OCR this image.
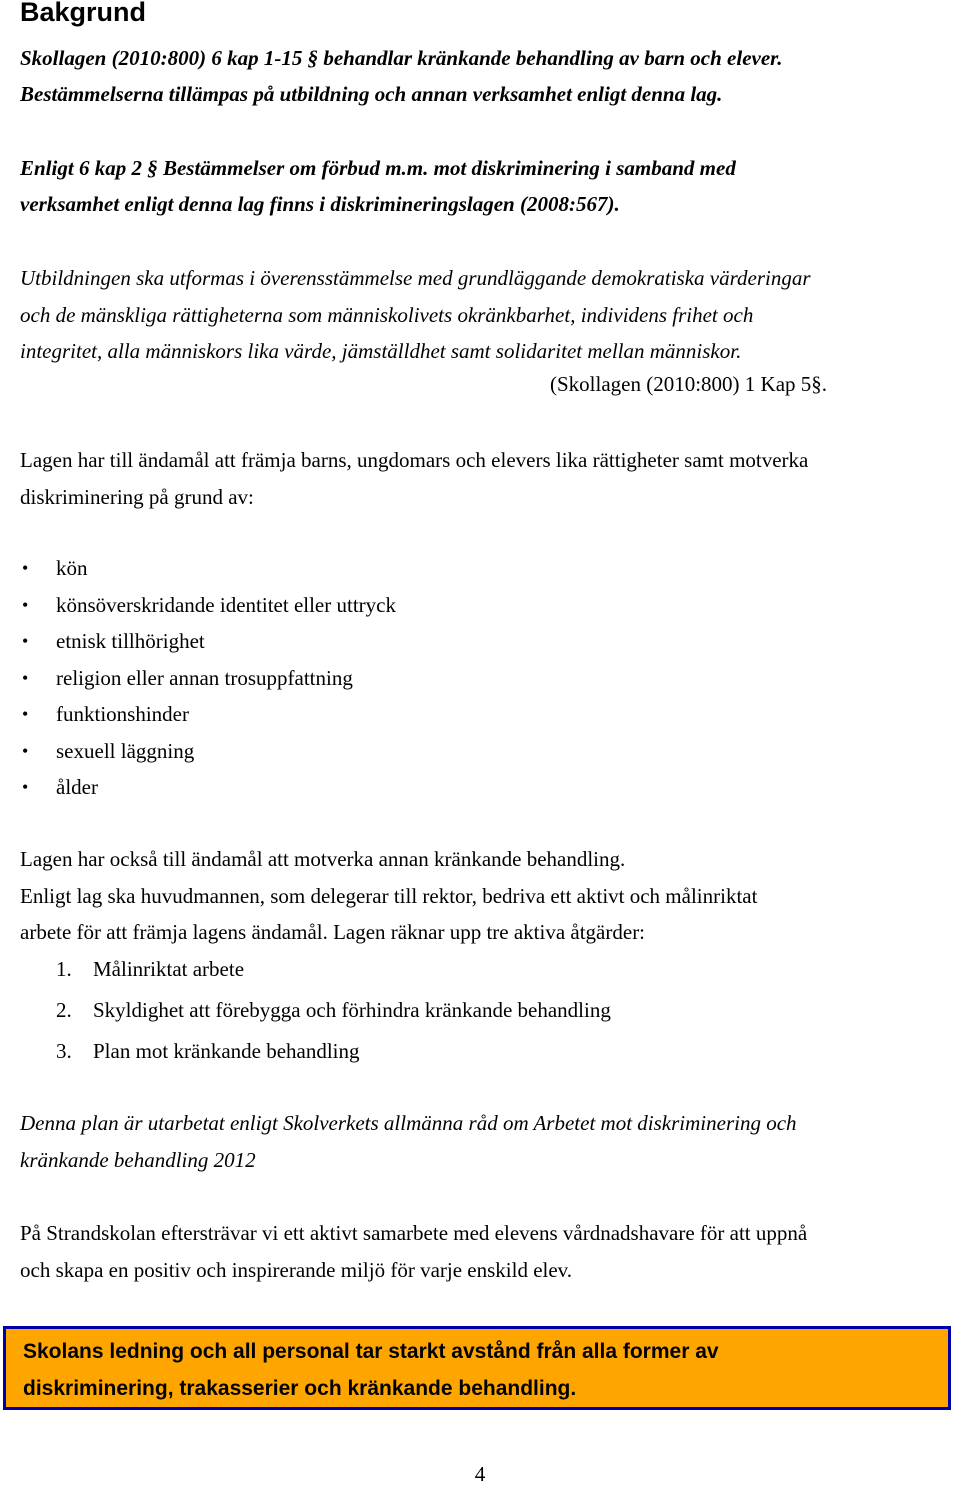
Bakgrund

Skollagen (2010:800) 6 kap 1-15 § behandlar kränkande behandling av barn och elever.
Bestämmelserna tillämpas på utbildning och annan verksamhet enligt denna lag.

Enligt 6 kap 2 § Bestämmelser om förbud m.m. mot diskriminering i samband med
verksamhet enligt denna lag finns i diskrimineringslagen (2008:567).

Utbildningen ska utformas i överensstämmelse med grundläggande demokratiska värderingar
och de mänskliga rättigheterna som människolivets okränkbarhet, individens frihet och
integritet, alla människors lika värde, jämställdhet samt solidaritet mellan människor.

(Skollagen (2010:800) 1 Kap 5§.

Lagen har till ändamål att främja barns, ungdomars och elevers lika rättigheter samt motverka
diskriminering på grund av:

• kön
• könsöverskridande identitet eller uttryck
• etnisk tillhörighet
• religion eller annan trosuppfattning
• funktionshinder
• sexuell läggning
• ålder

Lagen har också till ändamål att motverka annan kränkande behandling.
Enligt lag ska huvudmannen, som delegerar till rektor, bedriva ett aktivt och målinriktat
arbete för att främja lagens ändamål. Lagen räknar upp tre aktiva åtgärder:

1. Målinriktat arbete
2. Skyldighet att förebygga och förhindra kränkande behandling
3. Plan mot kränkande behandling

Denna plan är utarbetat enligt Skolverkets allmänna råd om Arbetet mot diskriminering och
kränkande behandling 2012

På Strandskolan eftersträvar vi ett aktivt samarbete med elevens vårdnadshavare för att uppnå
och skapa en positiv och inspirerande miljö för varje enskild elev.

Skolans ledning och all personal tar starkt avstånd från alla former av
diskriminering, trakasserier och kränkande behandling.
4
